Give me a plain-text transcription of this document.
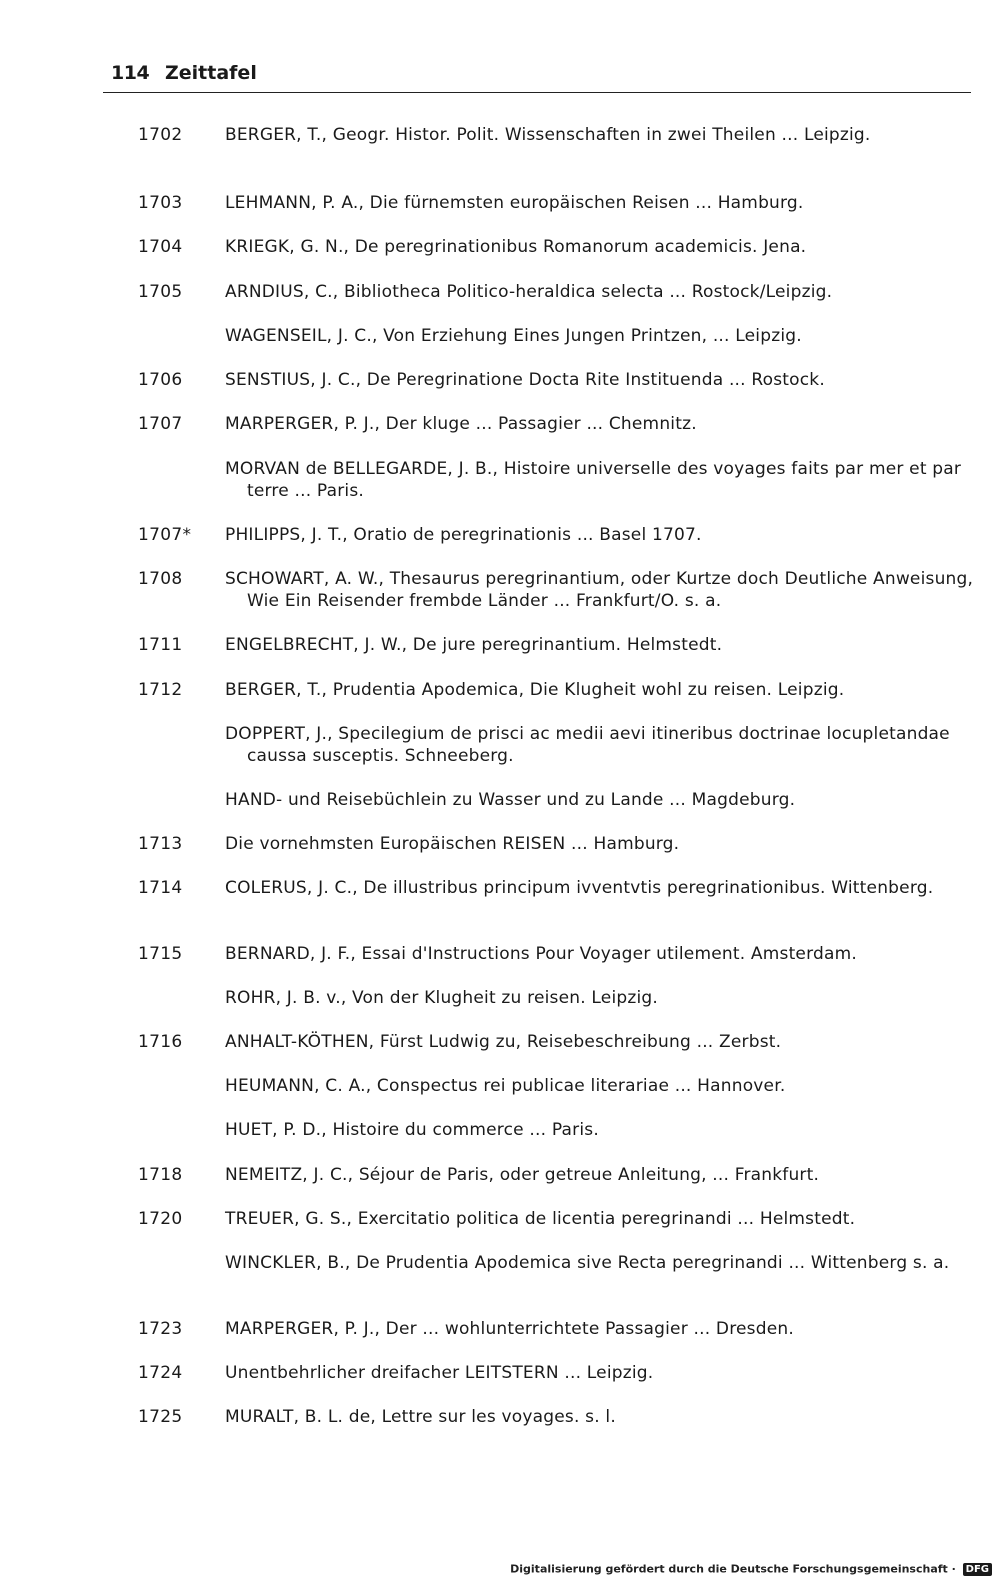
114 Zeittafel
1702	BERGER, T., Geogr. Histor. Polit. Wissenschaften in zwei Theilen ... Leipzig.
1703	LEHMANN, P. A., Die fürnemsten europäischen Reisen ... Hamburg.
1704	KRIEGK, G. N., De peregrinationibus Romanorum academicis. Jena.
1705	ARNDIUS, C., Bibliotheca Politico-heraldica selecta ... Rostock/Leipzig.
WAGENSEIL, J. C., Von Erziehung Eines Jungen Printzen, ... Leipzig.
1706	SENSTIUS, J. C., De Peregrinatione Docta Rite Instituenda ... Rostock.
1707	MARPERGER, P. J., Der kluge ... Passagier ... Chemnitz.
MORVAN de BELLEGARDE, J. B., Histoire universelle des voyages faits par mer et par terre ... Paris.
1707* PHILIPPS, J. T., Oratio de peregrinationis ... Basel 1707.
1708	SCHOWART, A. W., Thesaurus peregrinantium, oder Kurtze doch Deutliche Anweisung, Wie Ein Reisender frembde Länder ... Frankfurt/O. s. a.
1711	ENGELBRECHT, J. W., De jure peregrinantium. Helmstedt.
1712	BERGER, T., Prudentia Apodemica, Die Klugheit wohl zu reisen. Leipzig.
DOPPERT, J., Specilegium de prisci ac medii aevi itineribus doctrinae locupletandae caussa susceptis. Schneeberg.
HAND- und Reisebüchlein zu Wasser und zu Lande ... Magdeburg.
1713	Die vornehmsten Europäischen REISEN ... Hamburg.
1714	COLERUS, J. C., De illustribus principum ivventvtis peregrinationibus. Wittenberg.
1715	BERNARD, J. F., Essai d'Instructions Pour Voyager utilement. Amsterdam.
ROHR, J. B. v., Von der Klugheit zu reisen. Leipzig.
1716	ANHALT-KÖTHEN, Fürst Ludwig zu, Reisebeschreibung ... Zerbst.
HEUMANN, C. A., Conspectus rei publicae literariae ... Hannover.
HUET, P. D., Histoire du commerce ... Paris.
1718	NEMEITZ, J. C., Séjour de Paris, oder getreue Anleitung, ... Frankfurt.
1720	TREUER, G. S., Exercitatio politica de licentia peregrinandi ... Helmstedt.
WINCKLER, B., De Prudentia Apodemica sive Recta peregrinandi ... Wittenberg s. a.
1723	MARPERGER, P. J., Der ... wohlunterrichtete Passagier ... Dresden.
1724	Unentbehrlicher dreifacher LEITSTERN ... Leipzig.
1725	MURALT, B. L. de, Lettre sur les voyages. s. l.
Digitalisierung gefördert durch die Deutsche Forschungsgemeinschaft · DFG
